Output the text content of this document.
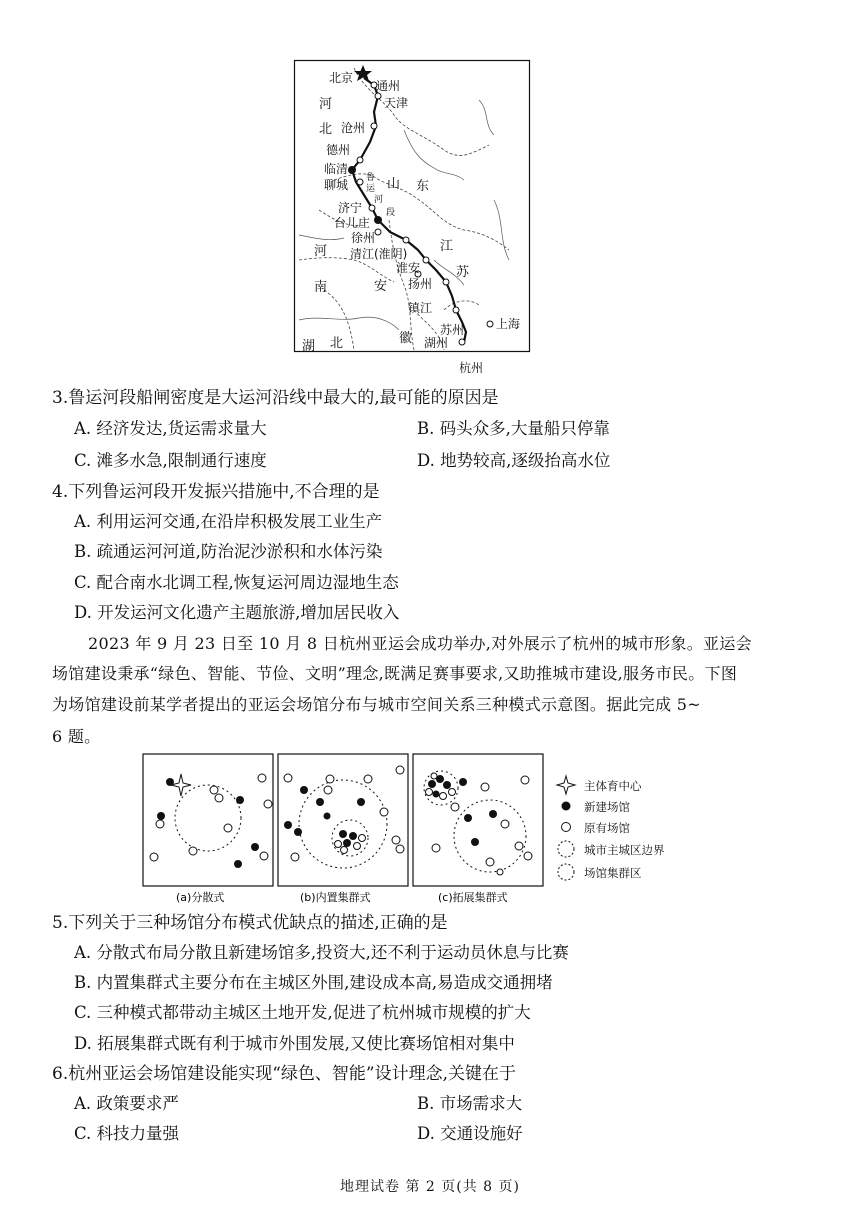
北京
通州
天津
沧州
德州
临清
聊城
济宁
台儿庄
徐州
清江(淮阴)
淮安
扬州
镇江
苏州
湖州
上海
杭州
河
北
山 东
河
南	安
徽
江
苏
湖 北
鲁
运
河
段
3.鲁运河段船闸密度是大运河沿线中最大的,最可能的原因是
A. 经济发达,货运需求量大	B. 码头众多,大量船只停靠
C. 滩多水急,限制通行速度	D. 地势较高,逐级抬高水位
4.下列鲁运河段开发振兴措施中,不合理的是
A. 利用运河交通,在沿岸积极发展工业生产
B. 疏通运河河道,防治泥沙淤积和水体污染
C. 配合南水北调工程,恢复运河周边湿地生态
D. 开发运河文化遗产主题旅游,增加居民收入
2023 年 9 月 23 日至 10 月 8 日杭州亚运会成功举办,对外展示了杭州的城市形象。亚运会
场馆建设秉承“绿色、智能、节俭、文明”理念,既满足赛事要求,又助推城市建设,服务市民。下图
为场馆建设前某学者提出的亚运会场馆分布与城市空间关系三种模式示意图。据此完成 5~
6 题。
(a)分散式	(b)内置集群式	(c)拓展集群式
主体育中心
新建场馆
原有场馆
城市主城区边界
场馆集群区
5.下列关于三种场馆分布模式优缺点的描述,正确的是
A. 分散式布局分散且新建场馆多,投资大,还不利于运动员休息与比赛
B. 内置集群式主要分布在主城区外围,建设成本高,易造成交通拥堵
C. 三种模式都带动主城区土地开发,促进了杭州城市规模的扩大
D. 拓展集群式既有利于城市外围发展,又使比赛场馆相对集中
6.杭州亚运会场馆建设能实现“绿色、智能”设计理念,关键在于
A. 政策要求严	B. 市场需求大
C. 科技力量强	D. 交通设施好
地理试卷 第 2 页(共 8 页)
